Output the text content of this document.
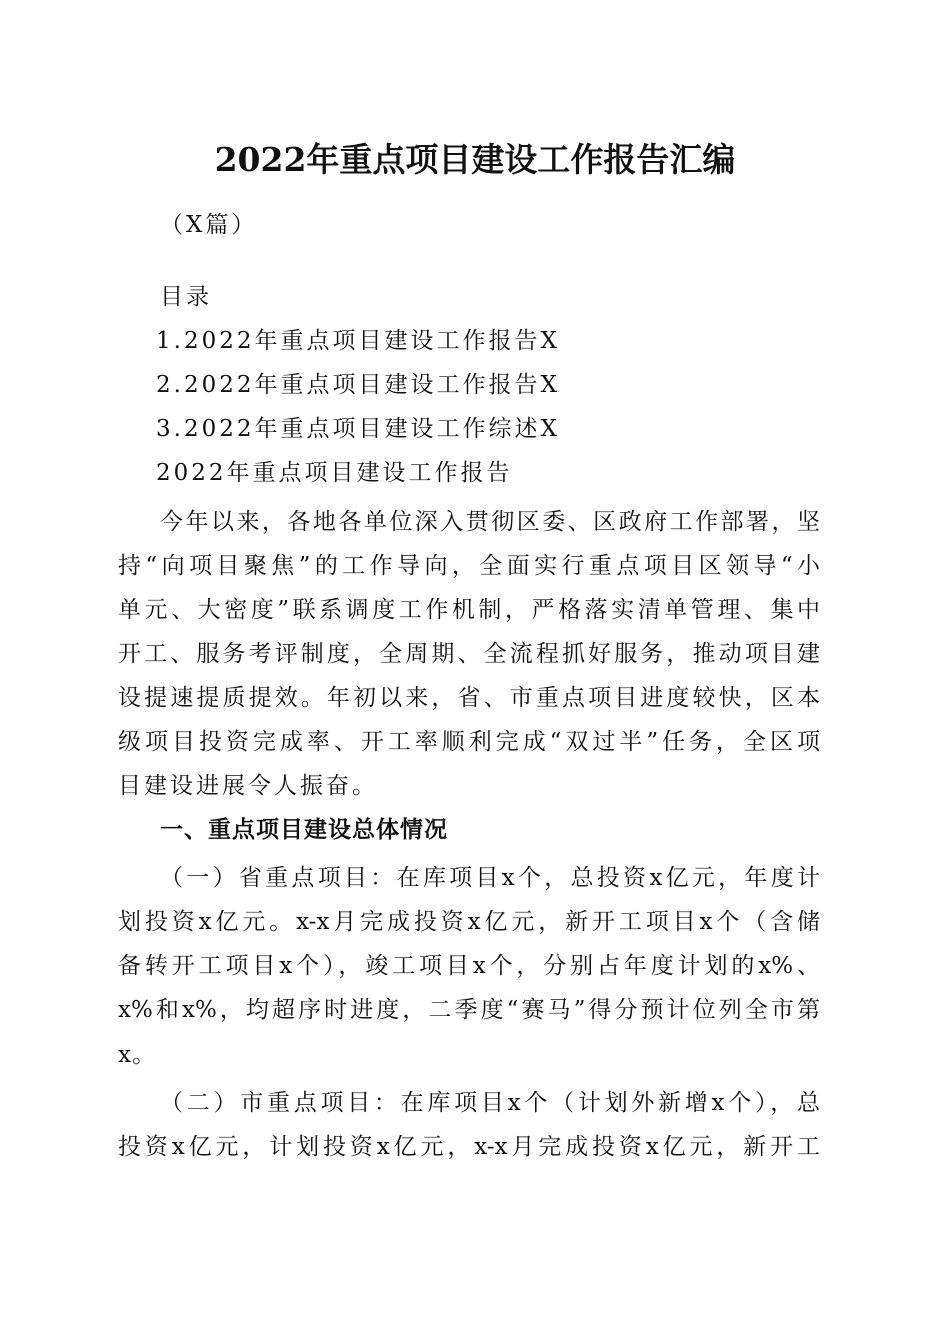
2022年重点项目建设工作报告汇编
（X篇）
目录
1.2022年重点项目建设工作报告X
2.2022年重点项目建设工作报告X
3.2022年重点项目建设工作综述X
2022年重点项目建设工作报告
今年以来，各地各单位深入贯彻区委、区政府工作部署，坚
持“向项目聚焦”的工作导向，全面实行重点项目区领导“小
单元、大密度”联系调度工作机制，严格落实清单管理、集中
开工、服务考评制度，全周期、全流程抓好服务，推动项目建
设提速提质提效。年初以来，省、市重点项目进度较快，区本
级项目投资完成率、开工率顺利完成“双过半”任务，全区项
目建设进展令人振奋。
一、重点项目建设总体情况
（一）省重点项目：在库项目x个，总投资x亿元，年度计
划投资x亿元。x-x月完成投资x亿元，新开工项目x个（含储
备转开工项目x个），竣工项目x个，分别占年度计划的x%、
x%和x%，均超序时进度，二季度“赛马”得分预计位列全市第
x。
（二）市重点项目：在库项目x个（计划外新增x个），总
投资x亿元，计划投资x亿元，x-x月完成投资x亿元，新开工
